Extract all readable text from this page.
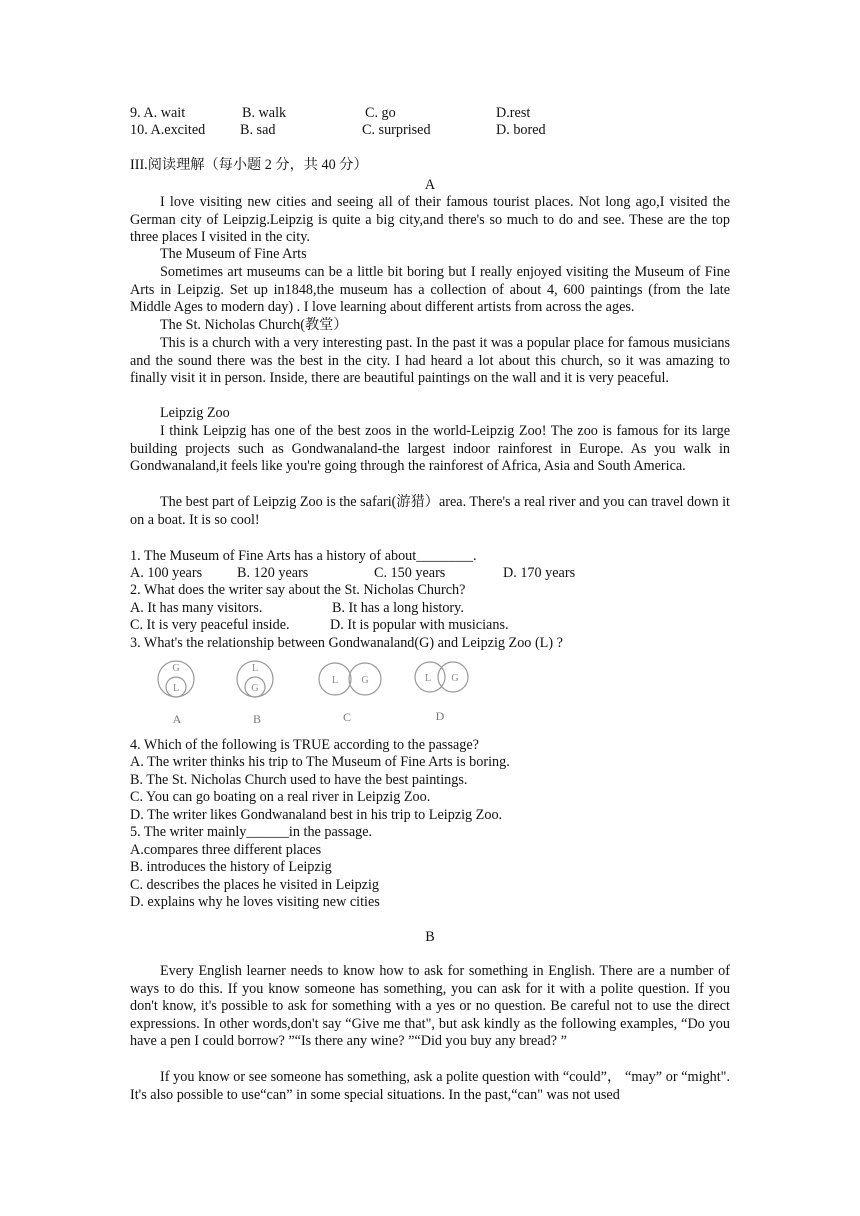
9. A. wait	B. walk	C. go	D.rest
10. A.excited B. sad	C. surprised	D. bored
III.阅读理解（每小题 2 分，共 40 分）
A
I love visiting new cities and seeing all of their famous tourist places. Not long ago,I visited the German city of Leipzig.Leipzig is quite a big city,and there's so much to do and see. These are the top three places I visited in the city.
The Museum of Fine Arts
Sometimes art museums can be a little bit boring but I really enjoyed visiting the Museum of Fine Arts in Leipzig. Set up in1848,the museum has a collection of about 4, 600 paintings (from the late Middle Ages to modern day) . I love learning about different artists from across the ages.
The St. Nicholas Church(教堂）
This is a church with a very interesting past. In the past it was a popular place for famous musicians and the sound there was the best in the city. I had heard a lot about this church, so it was amazing to finally visit it in person. Inside, there are beautiful paintings on the wall and it is very peaceful.
Leipzig Zoo
I think Leipzig has one of the best zoos in the world-Leipzig Zoo! The zoo is famous for its large building projects such as Gondwanaland-the largest indoor rainforest in Europe. As you walk in Gondwanaland,it feels like you're going through the rainforest of Africa, Asia and South America.
The best part of Leipzig Zoo is the safari(游猎）area. There's a real river and you can travel down it on a boat. It is so cool!
1. The Museum of Fine Arts has a history of about________.
A. 100 years B. 120 years	C. 150 years	D. 170 years
2. What does the writer say about the St. Nicholas Church?
A. It has many visitors.	B. It has a long history.
C. It is very peaceful inside.	D. It is popular with musicians.
3. What's the relationship between Gondwanaland(G) and Leipzig Zoo (L) ?
G
L
A
L
G
B
L G
C
L G
D
4. Which of the following is TRUE according to the passage?
A. The writer thinks his trip to The Museum of Fine Arts is boring.
B. The St. Nicholas Church used to have the best paintings.
C. You can go boating on a real river in Leipzig Zoo.
D. The writer likes Gondwanaland best in his trip to Leipzig Zoo.
5. The writer mainly______in the passage.
A.compares three different places
B. introduces the history of Leipzig
C. describes the places he visited in Leipzig
D. explains why he loves visiting new cities
B
Every English learner needs to know how to ask for something in English. There are a number of ways to do this. If you know someone has something, you can ask for it with a polite question. If you don't know, it's possible to ask for something with a yes or no question. Be careful not to use the direct expressions. In other words,don't say “Give me that", but ask kindly as the following examples, “Do you have a pen I could borrow? ”“Is there any wine? ”“Did you buy any bread? ”
If you know or see someone has something, ask a polite question with “could”， “may” or “might". It's also possible to use“can” in some special situations. In the past,“can" was not used
